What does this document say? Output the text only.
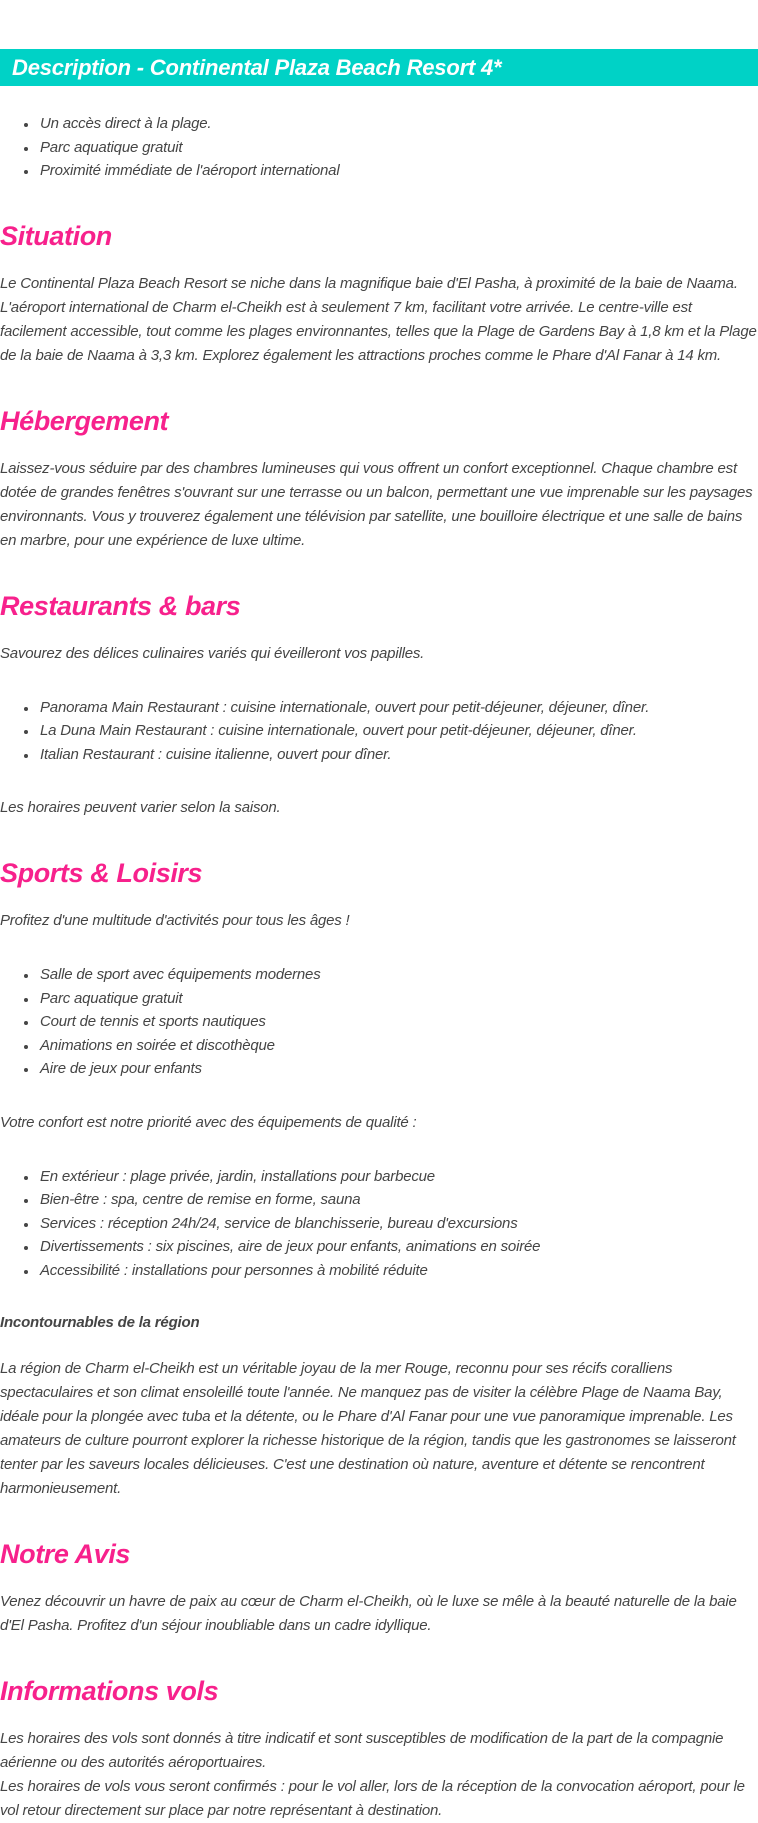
Description - Continental Plaza Beach Resort 4*
• Un accès direct à la plage.
• Parc aquatique gratuit
• Proximité immédiate de l'aéroport international
Situation

Le Continental Plaza Beach Resort se niche dans la magnifique baie d'El Pasha, à proximité de la baie de Naama. L'aéroport international de Charm el-Cheikh est à seulement 7 km, facilitant votre arrivée. Le centre-ville est facilement accessible, tout comme les plages environnantes, telles que la Plage de Gardens Bay à 1,8 km et la Plage de la baie de Naama à 3,3 km. Explorez également les attractions proches comme le Phare d'Al Fanar à 14 km.

Hébergement

Laissez-vous séduire par des chambres lumineuses qui vous offrent un confort exceptionnel. Chaque chambre est dotée de grandes fenêtres s'ouvrant sur une terrasse ou un balcon, permettant une vue imprenable sur les paysages environnants. Vous y trouverez également une télévision par satellite, une bouilloire électrique et une salle de bains en marbre, pour une expérience de luxe ultime.

Restaurants & bars

Savourez des délices culinaires variés qui éveilleront vos papilles.

• Panorama Main Restaurant : cuisine internationale, ouvert pour petit-déjeuner, déjeuner, dîner.
• La Duna Main Restaurant : cuisine internationale, ouvert pour petit-déjeuner, déjeuner, dîner.
• Italian Restaurant : cuisine italienne, ouvert pour dîner.

Les horaires peuvent varier selon la saison.

Sports & Loisirs

Profitez d'une multitude d'activités pour tous les âges !

• Salle de sport avec équipements modernes
• Parc aquatique gratuit
• Court de tennis et sports nautiques
• Animations en soirée et discothèque
• Aire de jeux pour enfants

Votre confort est notre priorité avec des équipements de qualité :

• En extérieur : plage privée, jardin, installations pour barbecue
• Bien-être : spa, centre de remise en forme, sauna
• Services : réception 24h/24, service de blanchisserie, bureau d'excursions
• Divertissements : six piscines, aire de jeux pour enfants, animations en soirée
• Accessibilité : installations pour personnes à mobilité réduite
Incontournables de la région

La région de Charm el-Cheikh est un véritable joyau de la mer Rouge, reconnu pour ses récifs coralliens spectaculaires et son climat ensoleillé toute l'année. Ne manquez pas de visiter la célèbre Plage de Naama Bay, idéale pour la plongée avec tuba et la détente, ou le Phare d'Al Fanar pour une vue panoramique imprenable. Les amateurs de culture pourront explorer la richesse historique de la région, tandis que les gastronomes se laisseront tenter par les saveurs locales délicieuses. C'est une destination où nature, aventure et détente se rencontrent harmonieusement.

Notre Avis

Venez découvrir un havre de paix au cœur de Charm el-Cheikh, où le luxe se mêle à la beauté naturelle de la baie d'El Pasha. Profitez d'un séjour inoubliable dans un cadre idyllique.

Informations vols

Les horaires des vols sont donnés à titre indicatif et sont susceptibles de modification de la part de la compagnie aérienne ou des autorités aéroportuaires.

Les horaires de vols vous seront confirmés : pour le vol aller, lors de la réception de la convocation aéroport, pour le vol retour directement sur place par notre représentant à destination.
